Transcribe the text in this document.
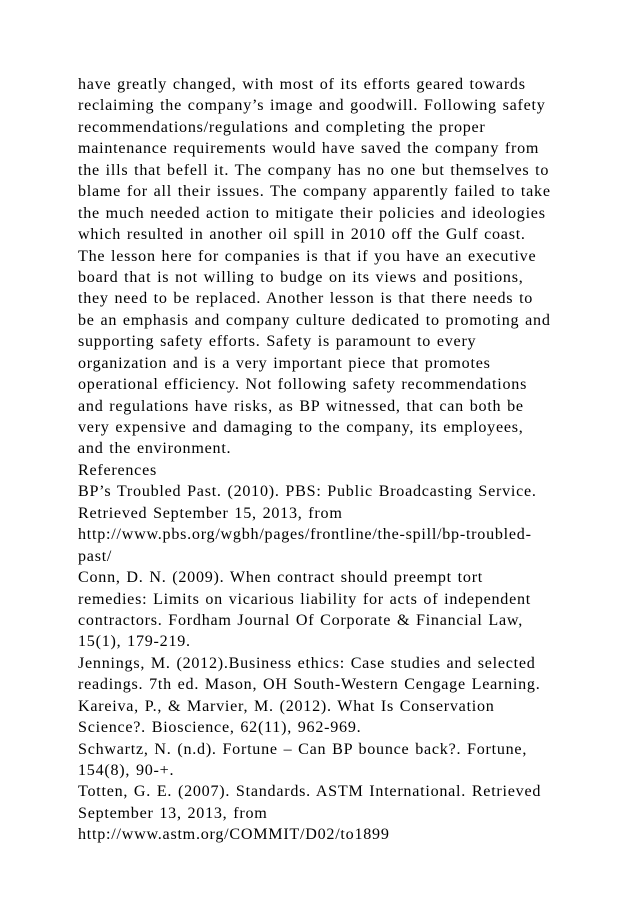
have greatly changed, with most of its efforts geared towards
reclaiming the company’s image and goodwill. Following safety
recommendations/regulations and completing the proper
maintenance requirements would have saved the company from
the ills that befell it. The company has no one but themselves to
blame for all their issues. The company apparently failed to take
the much needed action to mitigate their policies and ideologies
which resulted in another oil spill in 2010 off the Gulf coast.
The lesson here for companies is that if you have an executive
board that is not willing to budge on its views and positions,
they need to be replaced. Another lesson is that there needs to
be an emphasis and company culture dedicated to promoting and
supporting safety efforts. Safety is paramount to every
organization and is a very important piece that promotes
operational efficiency. Not following safety recommendations
and regulations have risks, as BP witnessed, that can both be
very expensive and damaging to the company, its employees,
and the environment.
References
BP’s Troubled Past. (2010). PBS: Public Broadcasting Service.
Retrieved September 15, 2013, from
http://www.pbs.org/wgbh/pages/frontline/the-spill/bp-troubled-
past/
Conn, D. N. (2009). When contract should preempt tort
remedies: Limits on vicarious liability for acts of independent
contractors. Fordham Journal Of Corporate & Financial Law,
15(1), 179-219.
Jennings, M. (2012).Business ethics: Case studies and selected
readings. 7th ed. Mason, OH South-Western Cengage Learning.
Kareiva, P., & Marvier, M. (2012). What Is Conservation
Science?. Bioscience, 62(11), 962-969.
Schwartz, N. (n.d). Fortune – Can BP bounce back?. Fortune,
154(8), 90-+.
Totten, G. E. (2007). Standards. ASTM International. Retrieved
September 13, 2013, from
http://www.astm.org/COMMIT/D02/to1899
